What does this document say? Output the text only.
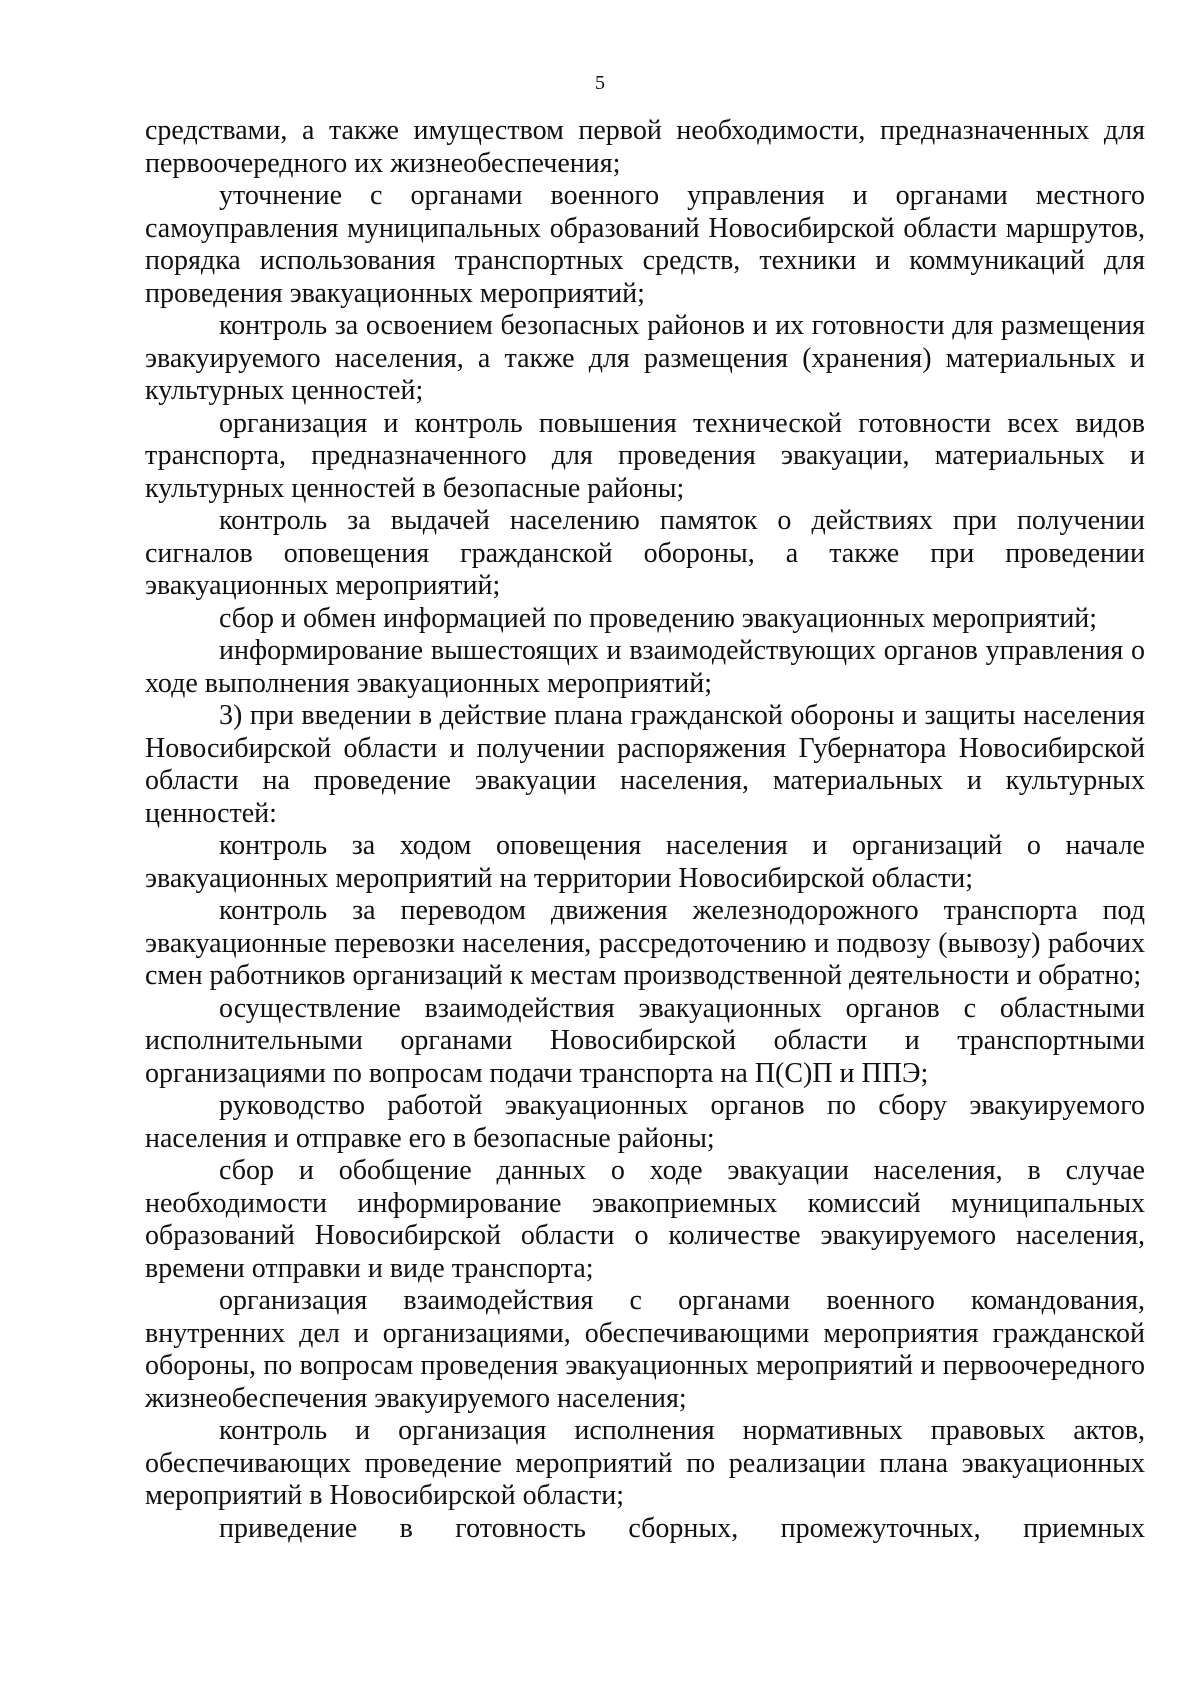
5

средствами, а также имуществом первой необходимости, предназначенных для первоочередного их жизнеобеспечения;

уточнение с органами военного управления и органами местного самоуправления муниципальных образований Новосибирской области маршрутов, порядка использования транспортных средств, техники и коммуникаций для проведения эвакуационных мероприятий;

контроль за освоением безопасных районов и их готовности для размещения эвакуируемого населения, а также для размещения (хранения) материальных и культурных ценностей;

организация и контроль повышения технической готовности всех видов транспорта, предназначенного для проведения эвакуации, материальных и культурных ценностей в безопасные районы;

контроль за выдачей населению памяток о действиях при получении сигналов оповещения гражданской обороны, а также при проведении эвакуационных мероприятий;

сбор и обмен информацией по проведению эвакуационных мероприятий;

информирование вышестоящих и взаимодействующих органов управления о ходе выполнения эвакуационных мероприятий;

3) при введении в действие плана гражданской обороны и защиты населения Новосибирской области и получении распоряжения Губернатора Новосибирской области на проведение эвакуации населения, материальных и культурных ценностей:

контроль за ходом оповещения населения и организаций о начале эвакуационных мероприятий на территории Новосибирской области;

контроль за переводом движения железнодорожного транспорта под эвакуационные перевозки населения, рассредоточению и подвозу (вывозу) рабочих смен работников организаций к местам производственной деятельности и обратно;

осуществление взаимодействия эвакуационных органов с областными исполнительными органами Новосибирской области и транспортными организациями по вопросам подачи транспорта на П(С)П и ППЭ;

руководство работой эвакуационных органов по сбору эвакуируемого населения и отправке его в безопасные районы;

сбор и обобщение данных о ходе эвакуации населения, в случае необходимости информирование эвакоприемных комиссий муниципальных образований Новосибирской области о количестве эвакуируемого населения, времени отправки и виде транспорта;

организация взаимодействия с органами военного командования, внутренних дел и организациями, обеспечивающими мероприятия гражданской обороны, по вопросам проведения эвакуационных мероприятий и первоочередного жизнеобеспечения эвакуируемого населения;

контроль и организация исполнения нормативных правовых актов, обеспечивающих проведение мероприятий по реализации плана эвакуационных мероприятий в Новосибирской области;

приведение в готовность сборных, промежуточных, приемных
